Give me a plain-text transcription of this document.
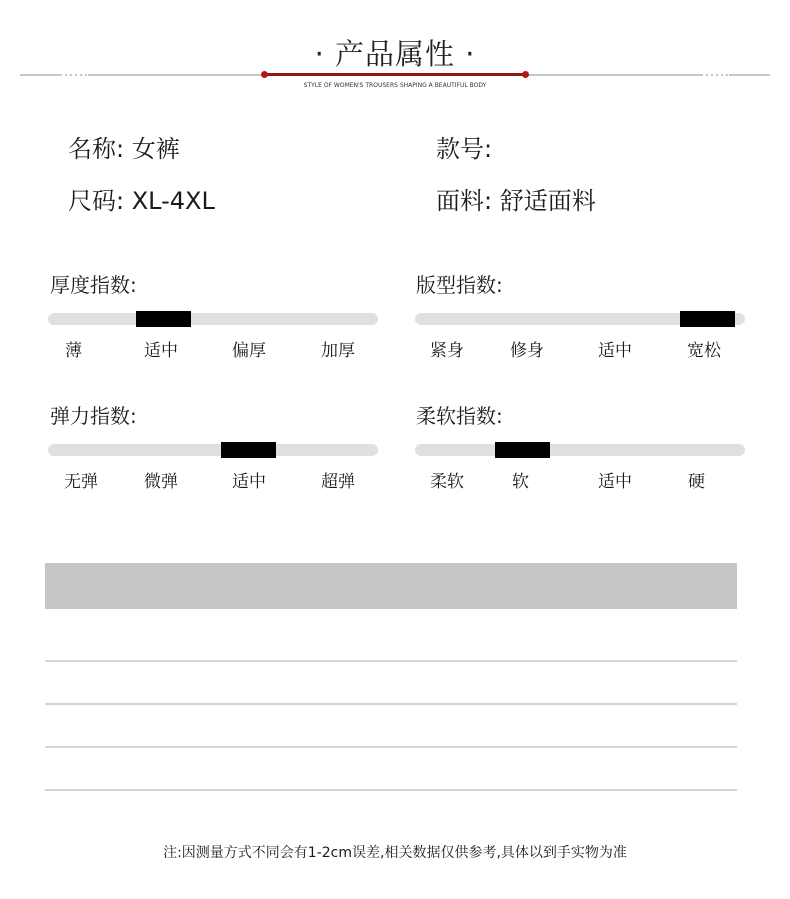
· 产品属性 ·
STYLE OF WOMEN'S TROUSERS SHAPING A BEAUTIFUL BODY
名称: 女裤	款号:
尺码: XL-4XL	面料: 舒适面料
厚度指数:
薄	适中	偏厚	加厚
版型指数:
紧身	修身	适中	宽松
弹力指数:
无弹	微弹	适中	超弹
柔软指数:
柔软	软	适中	硬
注:因测量方式不同会有1-2cm误差,相关数据仅供参考,具体以到手实物为准
